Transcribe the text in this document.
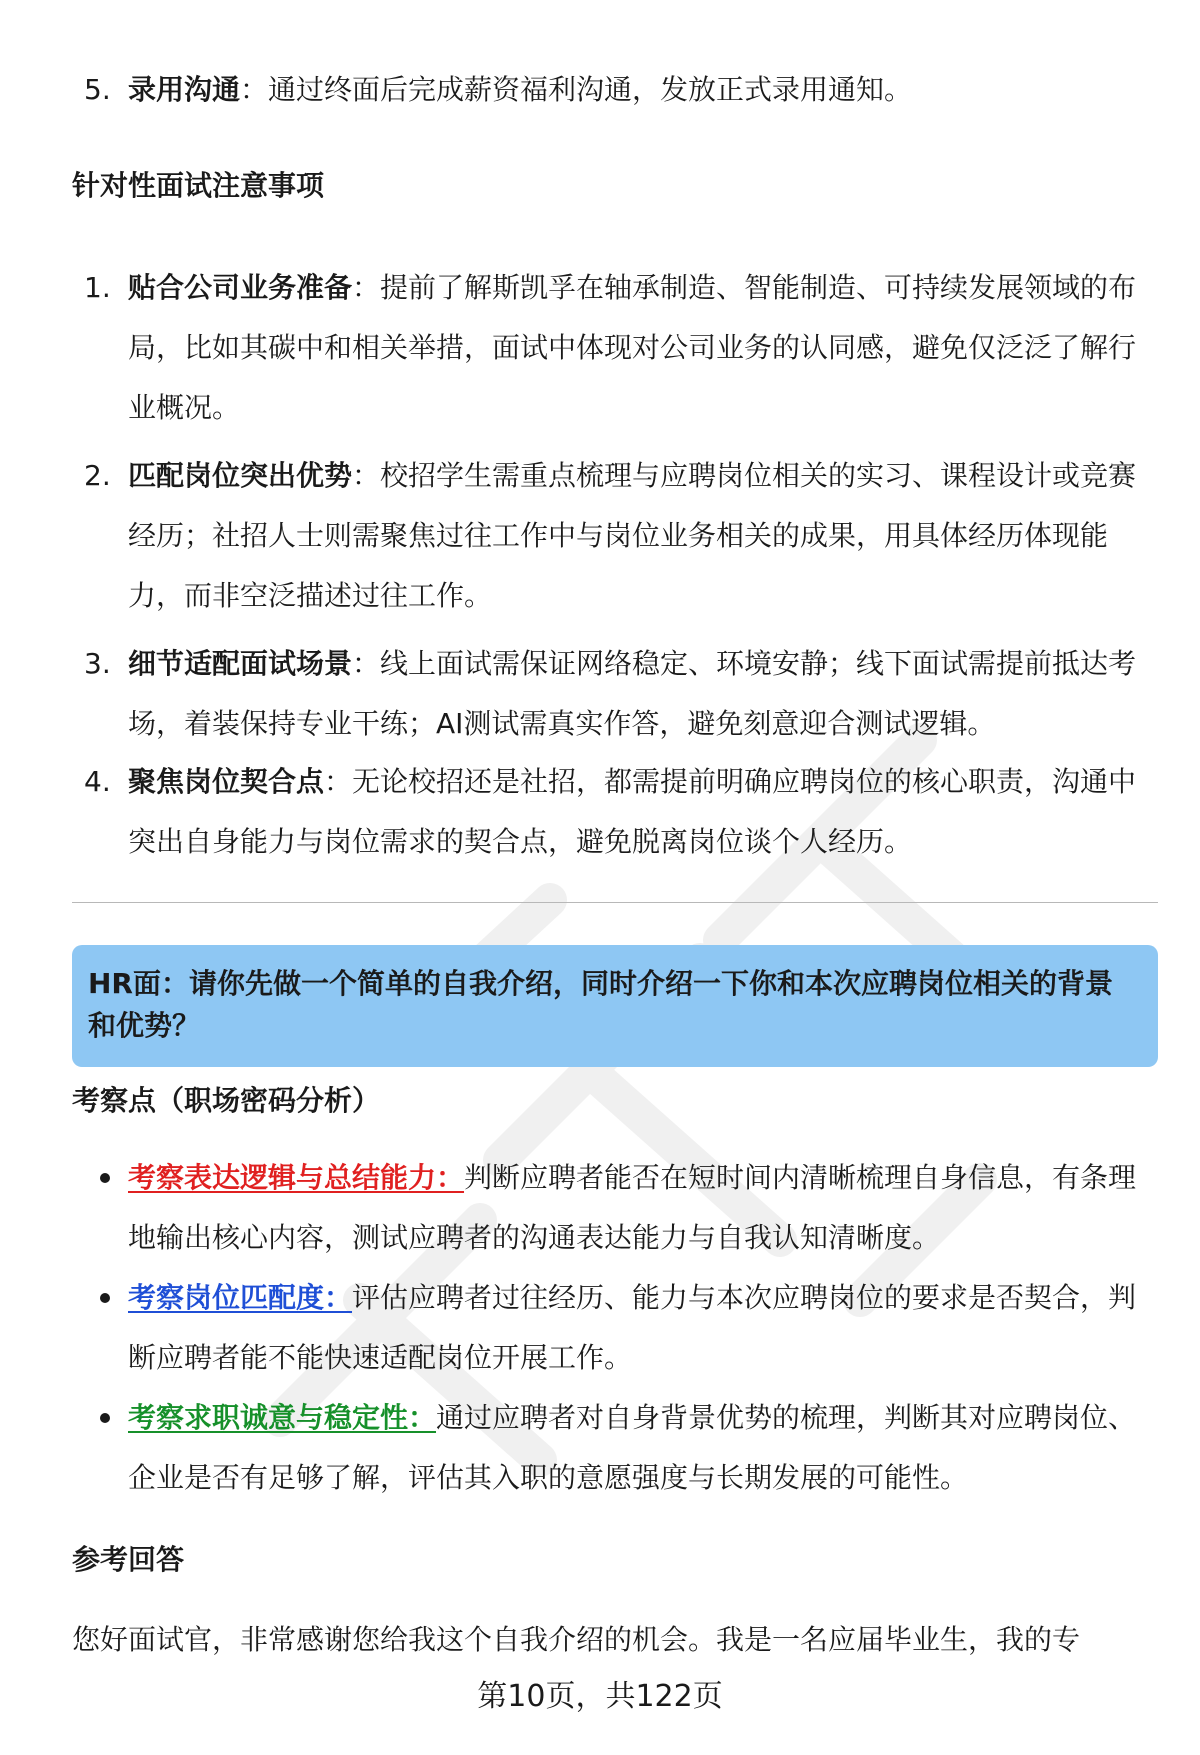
5. 录用沟通：通过终面后完成薪资福利沟通，发放正式录用通知。
针对性面试注意事项
1. 贴合公司业务准备：提前了解斯凯孚在轴承制造、智能制造、可持续发展领域的布局，比如其碳中和相关举措，面试中体现对公司业务的认同感，避免仅泛泛了解行业概况。
2. 匹配岗位突出优势：校招学生需重点梳理与应聘岗位相关的实习、课程设计或竞赛经历；社招人士则需聚焦过往工作中与岗位业务相关的成果，用具体经历体现能力，而非空泛描述过往工作。
3. 细节适配面试场景：线上面试需保证网络稳定、环境安静；线下面试需提前抵达考场，着装保持专业干练；AI测试需真实作答，避免刻意迎合测试逻辑。
4. 聚焦岗位契合点：无论校招还是社招，都需提前明确应聘岗位的核心职责，沟通中突出自身能力与岗位需求的契合点，避免脱离岗位谈个人经历。
HR面：请你先做一个简单的自我介绍，同时介绍一下你和本次应聘岗位相关的背景和优势？
考察点（职场密码分析）
考察表达逻辑与总结能力：判断应聘者能否在短时间内清晰梳理自身信息，有条理地输出核心内容，测试应聘者的沟通表达能力与自我认知清晰度。
考察岗位匹配度：评估应聘者过往经历、能力与本次应聘岗位的要求是否契合，判断应聘者能不能快速适配岗位开展工作。
考察求职诚意与稳定性：通过应聘者对自身背景优势的梳理，判断其对应聘岗位、企业是否有足够了解，评估其入职的意愿强度与长期发展的可能性。
参考回答
您好面试官，非常感谢您给我这个自我介绍的机会。我是一名应届毕业生，我的专
第10页，共122页
